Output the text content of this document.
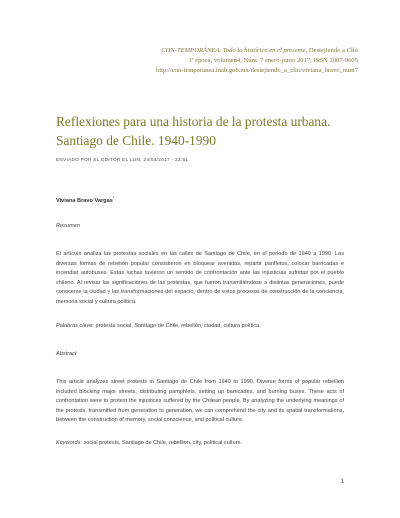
CON-TEMPORÁNEA. Todo lo histórico en el presente, Destejiendo a Clío
1ª época, volumen4, Núm. 7 enero-junio 2017, ISSN 2007-9605
http://con-temporanea.inah.gob.mx/destejiendo_a_clio/viviana_bravo_num7
Reflexiones para una historia de la protesta urbana. Santiago de Chile. 1940-1990
ENVIADO POR EL EDITOR EL LUN, 24/04/2017 - 23:51
Viviana Bravo Vargas*
Resumen

El artículo analiza las protestas sociales en las calles de Santiago de Chile, en el periodo de 1940 a 1990. Las diversas formas de rebelión popular consistieron en bloquear avenidas, repartir panfletos, colocar barricadas e incendiar autobuses. Estas luchas tuvieron un sentido de confrontación ante las injusticias sufridas por el pueblo chileno. Al revisar las significaciones de las protestas, que fueron transmitiéndose a distintas generaciones, puede conocerse la ciudad y las transformaciones del espacio, dentro de estos procesos de construcción de la conciencia, memoria social y cultura política.

Palabras clave: protesta social, Santiago de Chile, rebelión, ciudad, cultura política.
Abstract

This article analyzes street protests in Santiago de Chile from 1940 to 1990. Diverse forms of popular rebellion included blocking major streets, distributing pamphlets, setting up barricades, and burning buses. These acts of confrontation were to protest the injustices suffered by the Chilean people. By analyzing the underlying meanings of the protests, transmitted from generation to generation, we can comprehend the city and its spatial transformations, between the construction of memory, social conscience, and political culture.

Keywords: social protests, Santiago de Chile, rebellion, city, political culture.
1
